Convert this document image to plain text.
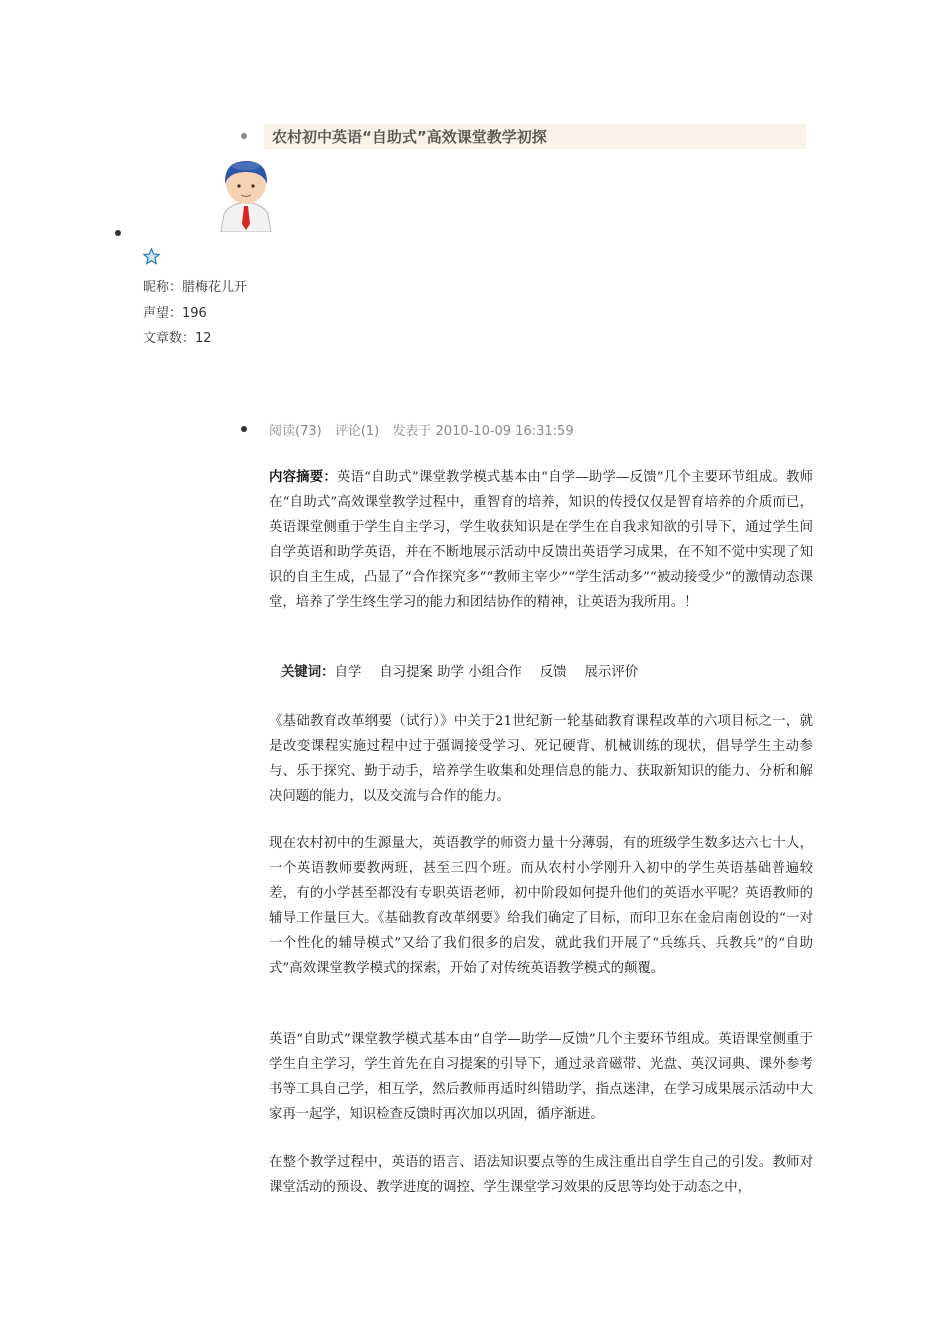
农村初中英语“自助式”高效课堂教学初探
昵称：腊梅花儿开
声望：196
文章数：12
阅读(73) 评论(1) 发表于 2010-10-09 16:31:59
内容摘要：英语“自助式”课堂教学模式基本由“自学—助学—反馈”几个主要环节组成。教师在“自助式”高效课堂教学过程中，重智育的培养，知识的传授仅仅是智育培养的介质而已，英语课堂侧重于学生自主学习，学生收获知识是在学生在自我求知欲的引导下，通过学生间自学英语和助学英语，并在不断地展示活动中反馈出英语学习成果，在不知不觉中实现了知识的自主生成，凸显了“合作探究多”“教师主宰少”“学生活动多”“被动接受少”的激情动态课堂，培养了学生终生学习的能力和团结协作的精神，让英语为我所用。！
关键词：自学 自习提案 助学 小组合作 反馈 展示评价
《基础教育改革纲要（试行）》中关于21世纪新一轮基础教育课程改革的六项目标之一，就是改变课程实施过程中过于强调接受学习、死记硬背、机械训练的现状，倡导学生主动参与、乐于探究、勤于动手，培养学生收集和处理信息的能力、获取新知识的能力、分析和解决问题的能力，以及交流与合作的能力。
现在农村初中的生源量大，英语教学的师资力量十分薄弱，有的班级学生数多达六七十人，一个英语教师要教两班，甚至三四个班。而从农村小学刚升入初中的学生英语基础普遍较差，有的小学甚至都没有专职英语老师，初中阶段如何提升他们的英语水平呢？英语教师的辅导工作量巨大。《基础教育改革纲要》给我们确定了目标，而印卫东在金启南创设的“一对一个性化的辅导模式”又给了我们很多的启发，就此我们开展了“兵练兵、兵教兵”的“自助式”高效课堂教学模式的探索，开始了对传统英语教学模式的颠覆。
英语“自助式”课堂教学模式基本由“自学—助学—反馈”几个主要环节组成。英语课堂侧重于学生自主学习，学生首先在自习提案的引导下，通过录音磁带、光盘、英汉词典、课外参考书等工具自己学，相互学，然后教师再适时纠错助学，指点迷津，在学习成果展示活动中大家再一起学，知识检查反馈时再次加以巩固，循序渐进。
在整个教学过程中，英语的语言、语法知识要点等的生成注重出自学生自己的引发。教师对课堂活动的预设、教学进度的调控、学生课堂学习效果的反思等均处于动态之中，
